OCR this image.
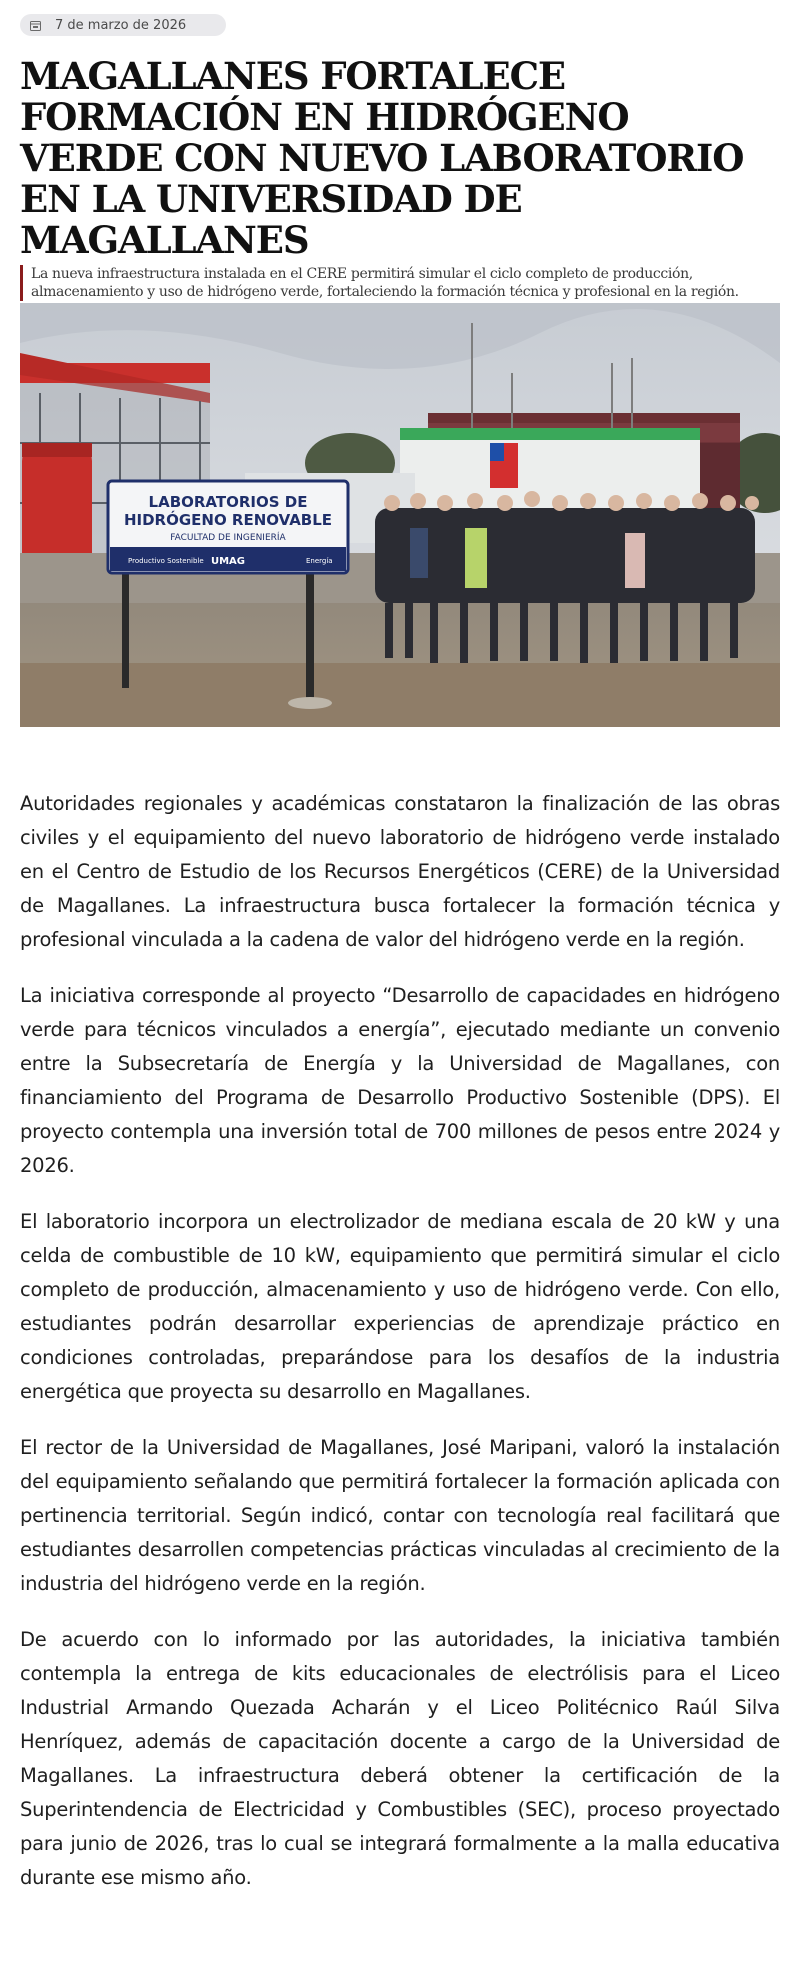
7 de marzo de 2026
MAGALLANES FORTALECE FORMACIÓN EN HIDRÓGENO VERDE CON NUEVO LABORATORIO EN LA UNIVERSIDAD DE MAGALLANES
La nueva infraestructura instalada en el CERE permitirá simular el ciclo completo de producción, almacenamiento y uso de hidrógeno verde, fortaleciendo la formación técnica y profesional en la región.
LABORATORIOS DE
HIDRÓGENO RENOVABLE
FACULTAD DE INGENIERÍA
Productivo Sostenible UMAG	Energía

Autoridades regionales y académicas constataron la finalización de las obras civiles y el equipamiento del nuevo laboratorio de hidrógeno verde instalado en el Centro de Estudio de los Recursos Energéticos (CERE) de la Universidad de Magallanes. La infraestructura busca fortalecer la formación técnica y profesional vinculada a la cadena de valor del hidrógeno verde en la región.

La iniciativa corresponde al proyecto “Desarrollo de capacidades en hidrógeno verde para técnicos vinculados a energía”, ejecutado mediante un convenio entre la Subsecretaría de Energía y la Universidad de Magallanes, con financiamiento del Programa de Desarrollo Productivo Sostenible (DPS). El proyecto contempla una inversión total de 700 millones de pesos entre 2024 y 2026.

El laboratorio incorpora un electrolizador de mediana escala de 20 kW y una celda de combustible de 10 kW, equipamiento que permitirá simular el ciclo completo de producción, almacenamiento y uso de hidrógeno verde. Con ello, estudiantes podrán desarrollar experiencias de aprendizaje práctico en condiciones controladas, preparándose para los desafíos de la industria energética que proyecta su desarrollo en Magallanes.

El rector de la Universidad de Magallanes, José Maripani, valoró la instalación del equipamiento señalando que permitirá fortalecer la formación aplicada con pertinencia territorial. Según indicó, contar con tecnología real facilitará que estudiantes desarrollen competencias prácticas vinculadas al crecimiento de la industria del hidrógeno verde en la región.

De acuerdo con lo informado por las autoridades, la iniciativa también contempla la entrega de kits educacionales de electrólisis para el Liceo Industrial Armando Quezada Acharán y el Liceo Politécnico Raúl Silva Henríquez, además de capacitación docente a cargo de la Universidad de Magallanes. La infraestructura deberá obtener la certificación de la Superintendencia de Electricidad y Combustibles (SEC), proceso proyectado para junio de 2026, tras lo cual se integrará formalmente a la malla educativa durante ese mismo año.
